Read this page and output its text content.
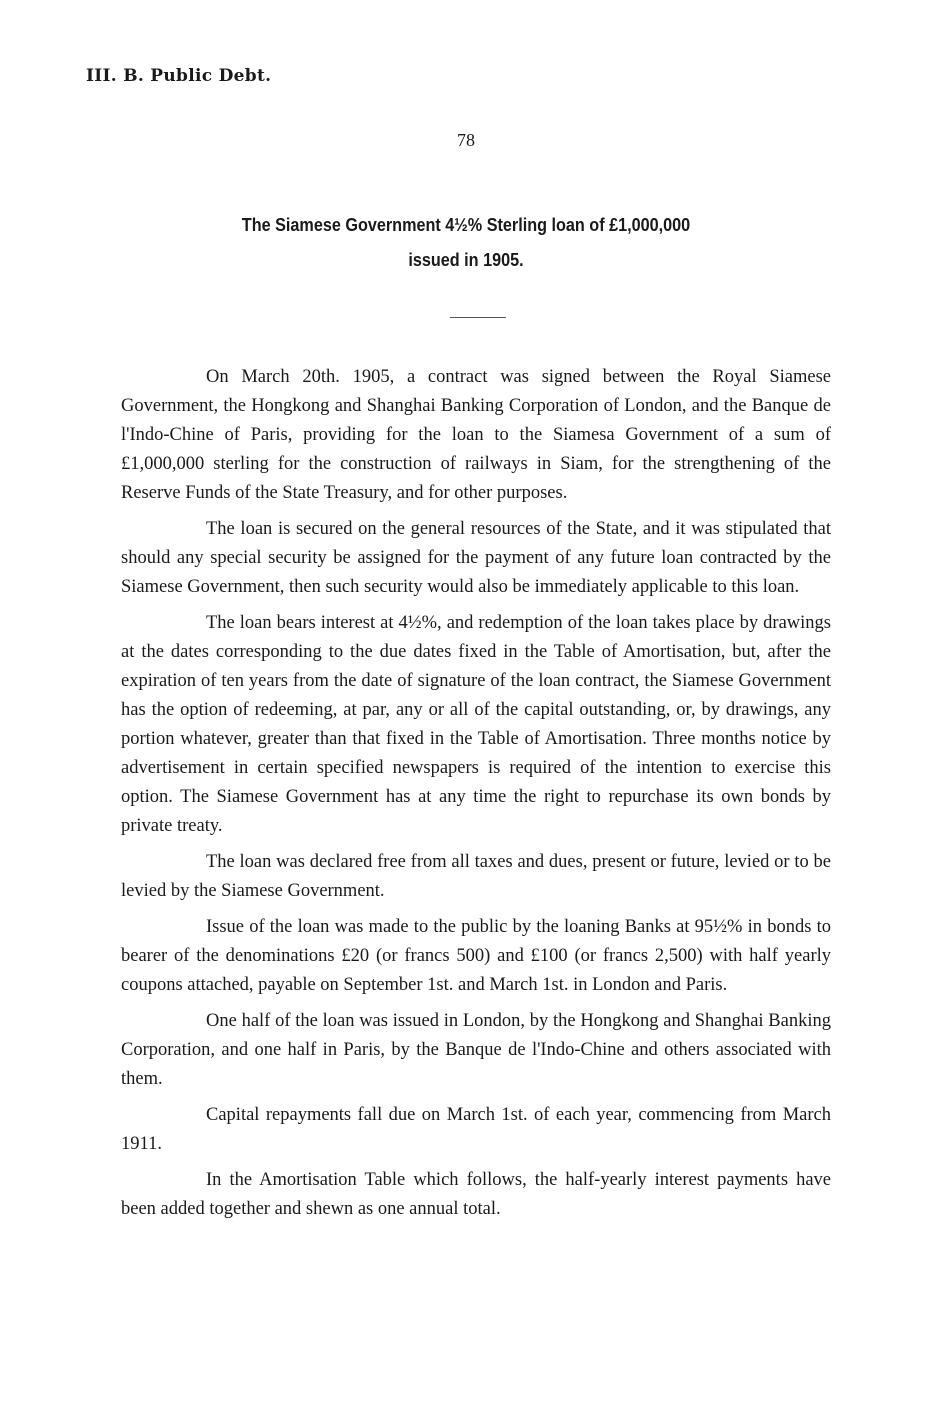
III. B. Public Debt.
78
The Siamese Government 4½% Sterling loan of £1,000,000
issued in 1905.

On March 20th. 1905, a contract was signed between the Royal Siamese Government, the Hongkong and Shanghai Banking Corporation of London, and the Banque de l'Indo-Chine of Paris, providing for the loan to the Siamesa Government of a sum of £1,000,000 sterling for the construction of railways in Siam, for the strengthening of the Reserve Funds of the State Treasury, and for other purposes.

The loan is secured on the general resources of the State, and it was stipulated that should any special security be assigned for the payment of any future loan contracted by the Siamese Government, then such security would also be immediately applicable to this loan.

The loan bears interest at 4½%, and redemption of the loan takes place by drawings at the dates corresponding to the due dates fixed in the Table of Amortisation, but, after the expiration of ten years from the date of signature of the loan contract, the Siamese Government has the option of redeeming, at par, any or all of the capital outstanding, or, by drawings, any portion whatever, greater than that fixed in the Table of Amortisation. Three months notice by advertisement in certain specified newspapers is required of the intention to exercise this option. The Siamese Government has at any time the right to repurchase its own bonds by private treaty.

The loan was declared free from all taxes and dues, present or future, levied or to be levied by the Siamese Government.

Issue of the loan was made to the public by the loaning Banks at 95½% in bonds to bearer of the denominations £20 (or francs 500) and £100 (or francs 2,500) with half yearly coupons attached, payable on September 1st. and March 1st. in London and Paris.

One half of the loan was issued in London, by the Hongkong and Shanghai Banking Corporation, and one half in Paris, by the Banque de l'Indo-Chine and others associated with them.

Capital repayments fall due on March 1st. of each year, commencing from March 1911.

In the Amortisation Table which follows, the half-yearly interest payments have been added together and shewn as one annual total.
